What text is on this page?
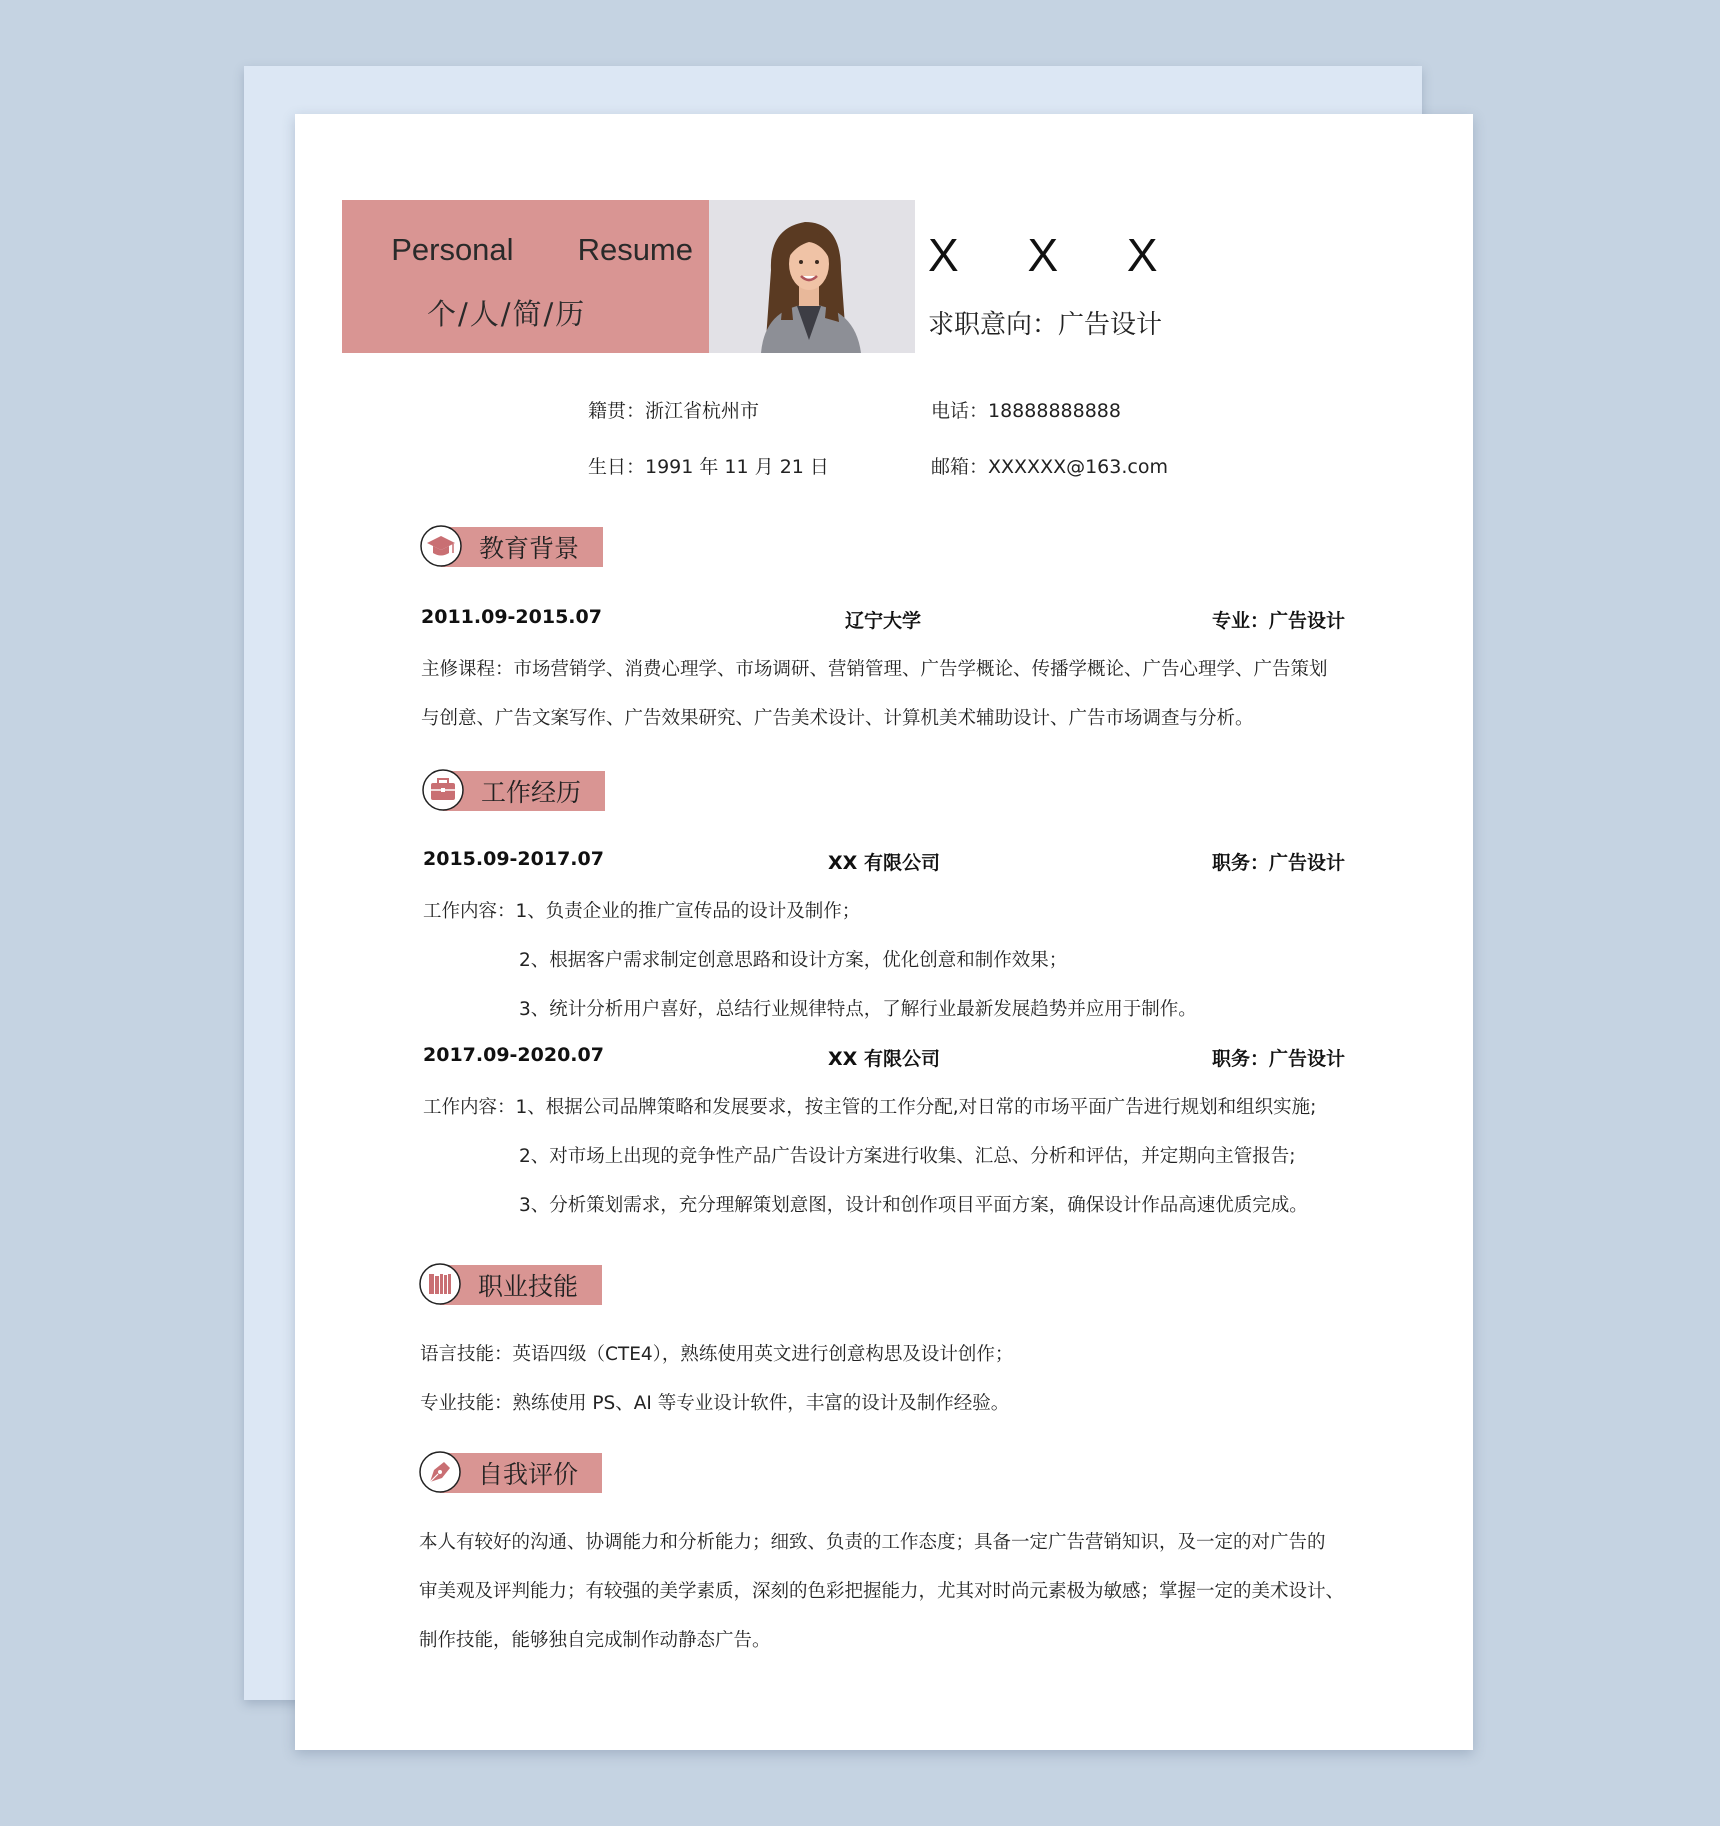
Personal Resume
个/人/简/历
X X X
求职意向：广告设计
籍贯：浙江省杭州市	电话：18888888888
生日：1991 年 11 月 21 日	邮箱：XXXXXX@163.com
教育背景
2011.09-2015.07	辽宁大学	专业：广告设计
主修课程：市场营销学、消费心理学、市场调研、营销管理、广告学概论、传播学概论、广告心理学、广告策划
与创意、广告文案写作、广告效果研究、广告美术设计、计算机美术辅助设计、广告市场调查与分析。
工作经历
2015.09-2017.07	XX 有限公司	职务：广告设计
工作内容：1、负责企业的推广宣传品的设计及制作；
2、根据客户需求制定创意思路和设计方案，优化创意和制作效果；
3、统计分析用户喜好，总结行业规律特点，了解行业最新发展趋势并应用于制作。
2017.09-2020.07	XX 有限公司	职务：广告设计
工作内容：1、根据公司品牌策略和发展要求，按主管的工作分配,对日常的市场平面广告进行规划和组织实施;
2、对市场上出现的竞争性产品广告设计方案进行收集、汇总、分析和评估，并定期向主管报告;
3、分析策划需求，充分理解策划意图，设计和创作项目平面方案，确保设计作品高速优质完成。
职业技能
语言技能：英语四级（CTE4），熟练使用英文进行创意构思及设计创作；
专业技能：熟练使用 PS、AI 等专业设计软件，丰富的设计及制作经验。
自我评价
本人有较好的沟通、协调能力和分析能力；细致、负责的工作态度；具备一定广告营销知识，及一定的对广告的
审美观及评判能力；有较强的美学素质，深刻的色彩把握能力，尤其对时尚元素极为敏感；掌握一定的美术设计、
制作技能，能够独自完成制作动静态广告。
